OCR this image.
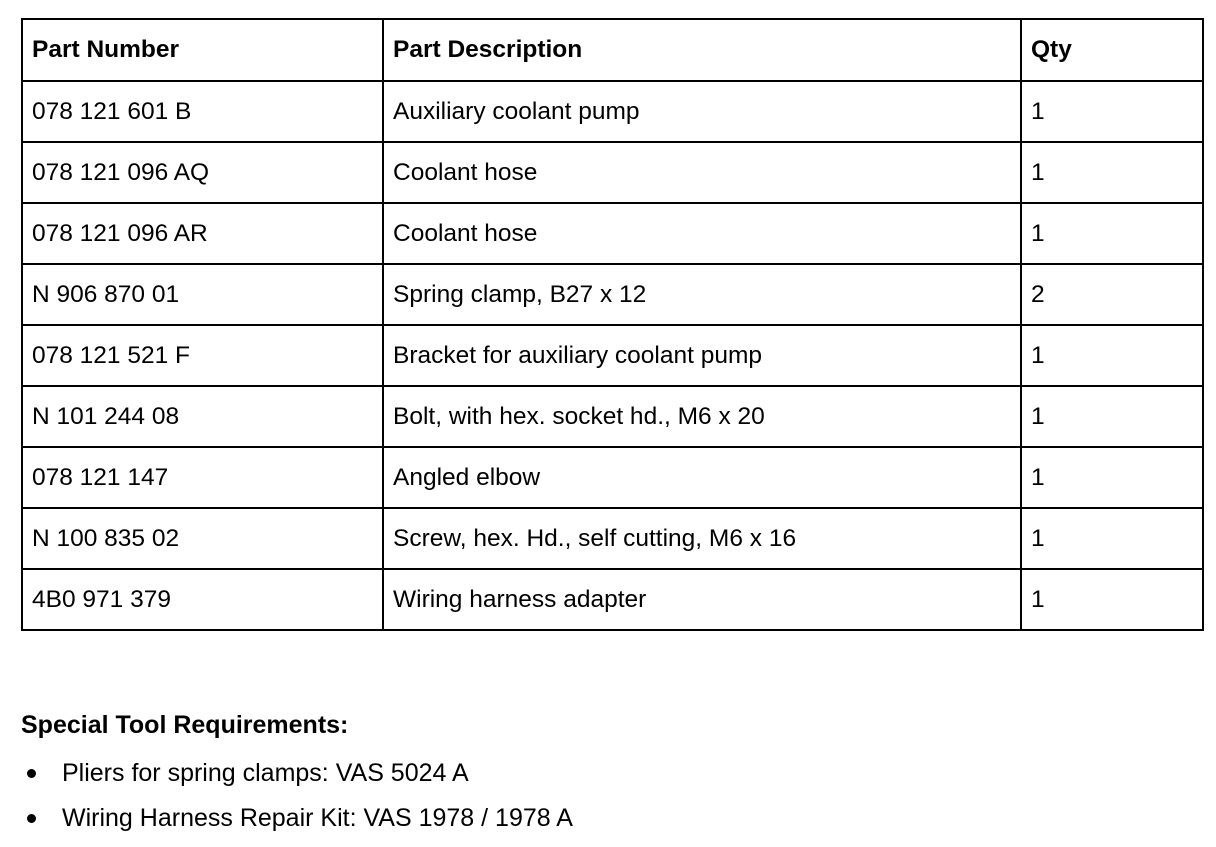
Part Number	Part Description	Qty
078 121 601 B	Auxiliary coolant pump	1
078 121 096 AQ	Coolant hose	1
078 121 096 AR	Coolant hose	1
N 906 870 01	Spring clamp, B27 x 12	2
078 121 521 F	Bracket for auxiliary coolant pump	1
N 101 244 08	Bolt, with hex. socket hd., M6 x 20	1
078 121 147	Angled elbow	1
N 100 835 02	Screw, hex. Hd., self cutting, M6 x 16	1
4B0 971 379	Wiring harness adapter	1
Special Tool Requirements:
Pliers for spring clamps: VAS 5024 A
Wiring Harness Repair Kit: VAS 1978 / 1978 A
